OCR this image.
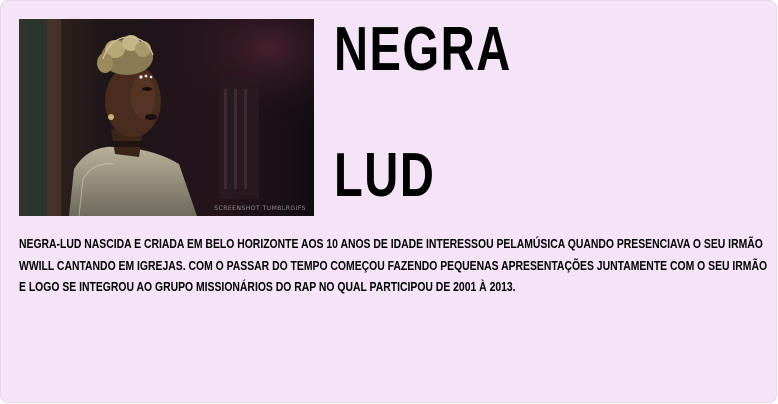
SCREENSHOT TUMBLRGIFS
NEGRA
LUD

NEGRA-LUD NASCIDA E CRIADA EM BELO HORIZONTE AOS 10 ANOS DE IDADE INTERESSOU PELAMÚSICA QUANDO PRESENCIAVA O SEU IRMÃO WWILL CANTANDO EM IGREJAS. COM O PASSAR DO TEMPO COMEÇOU FAZENDO PEQUENAS APRESENTAÇÕES JUNTAMENTE COM O SEU IRMÃO E LOGO SE INTEGROU AO GRUPO MISSIONÁRIOS DO RAP NO QUAL PARTICIPOU DE 2001 À 2013.
